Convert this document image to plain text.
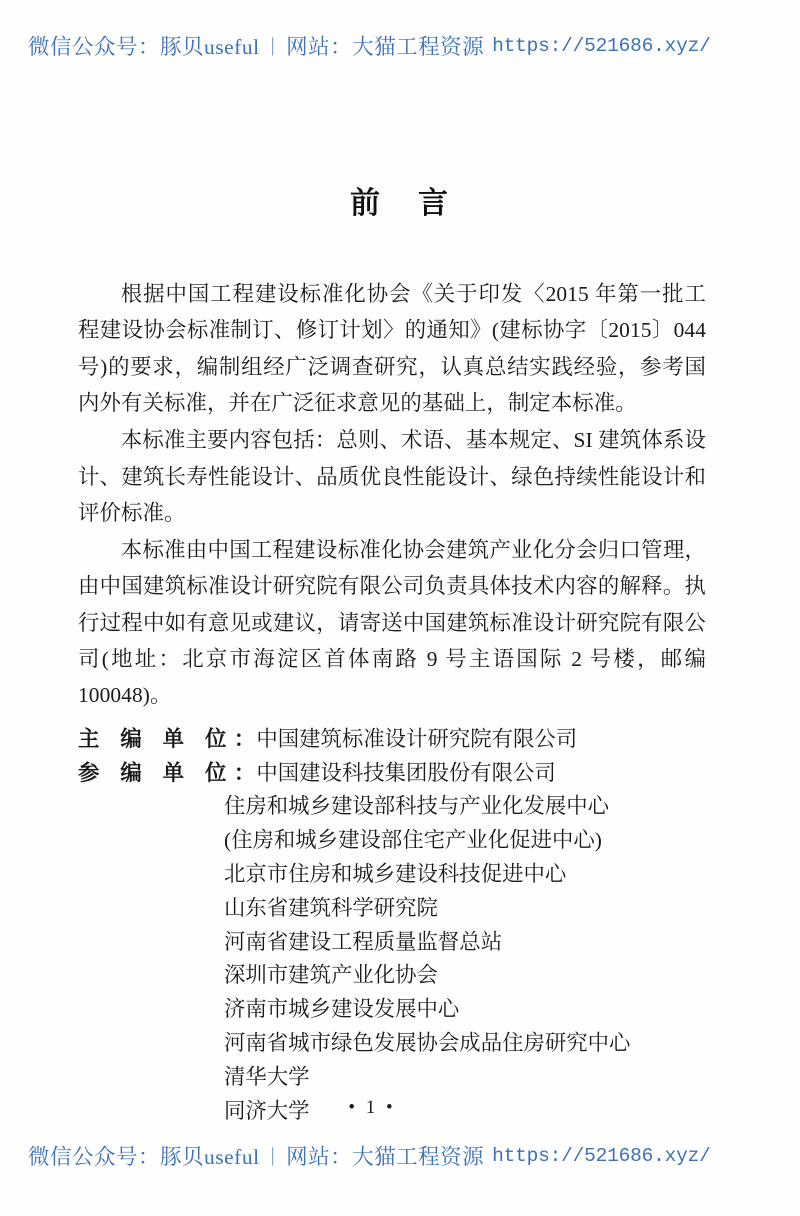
微信公众号： 豚贝useful | 网站： 大猫工程资源 https://521686.xyz/
前 言

根据中国工程建设标准化协会《关于印发〈2015 年第一批工程建设协会标准制订、修订计划〉的通知》(建标协字〔2015〕044 号)的要求，编制组经广泛调查研究，认真总结实践经验，参考国内外有关标准，并在广泛征求意见的基础上，制定本标准。

本标准主要内容包括：总则、术语、基本规定、SI 建筑体系设计、建筑长寿性能设计、品质优良性能设计、绿色持续性能设计和评价标准。

本标准由中国工程建设标准化协会建筑产业化分会归口管理，由中国建筑标准设计研究院有限公司负责具体技术内容的解释。执行过程中如有意见或建议，请寄送中国建筑标准设计研究院有限公司(地址：北京市海淀区首体南路 9 号主语国际 2 号楼，邮编 100048)。

主 编 单 位 ： 中国建筑标准设计研究院有限公司
参 编 单 位 ： 中国建设科技集团股份有限公司
住房和城乡建设部科技与产业化发展中心
(住房和城乡建设部住宅产业化促进中心)
北京市住房和城乡建设科技促进中心
山东省建筑科学研究院
河南省建设工程质量监督总站
深圳市建筑产业化协会
济南市城乡建设发展中心
河南省城市绿色发展协会成品住房研究中心
清华大学
同济大学	• 1 •
微信公众号： 豚贝useful | 网站： 大猫工程资源 https://521686.xyz/
